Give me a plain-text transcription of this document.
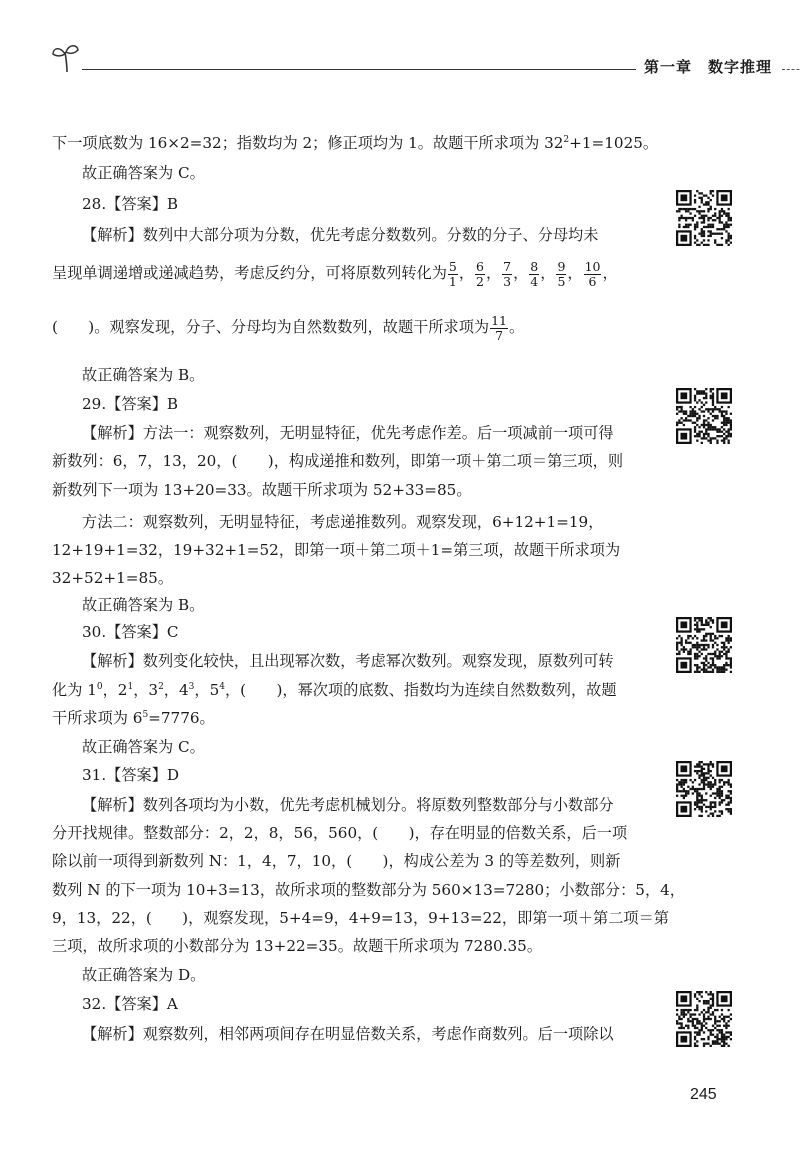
第一章　数字推理

下一项底数为 16×2=32；指数均为 2；修正项均为 1。故题干所求项为 $32^2+1=1025$。

故正确答案为 C。

28.【答案】B

【解析】数列中大部分项为分数，优先考虑分数数列。分数的分子、分母均未

呈现单调递增或递减趋势，考虑反约分，可将原数列转化为 $\frac{5}{1}$ ， $\frac{6}{2}$ ， $\frac{7}{3}$ ， $\frac{8}{4}$ ， $\frac{9}{5}$ ， $\frac{10}{6}$ ，

(　　)。观察发现，分子、分母均为自然数数列，故题干所求项为 $\frac{11}{7}$ 。

故正确答案为 B。

29.【答案】B

【解析】方法一：观察数列，无明显特征，优先考虑作差。后一项减前一项可得

新数列：6，7，13，20，(　　)，构成递推和数列，即第一项＋第二项＝第三项，则

新数列下一项为 13+20=33。故题干所求项为 52+33=85。

方法二：观察数列，无明显特征，考虑递推数列。观察发现，6+12+1=19，

12+19+1=32，19+32+1=52，即第一项＋第二项＋1=第三项，故题干所求项为

32+52+1=85。

故正确答案为 B。

30.【答案】C

【解析】数列变化较快，且出现幂次数，考虑幂次数列。观察发现，原数列可转

化为 $1^0$，$2^1$，$3^2$，$4^3$，$5^4$，(　　)，幂次项的底数、指数均为连续自然数数列，故题

干所求项为 $6^5=7776$。

故正确答案为 C。

31.【答案】D

【解析】数列各项均为小数，优先考虑机械划分。将原数列整数部分与小数部分

分开找规律。整数部分：2，2，8，56，560，(　　)，存在明显的倍数关系，后一项

除以前一项得到新数列 N：1，4，7，10，(　　)，构成公差为 3 的等差数列，则新

数列 N 的下一项为 10+3=13，故所求项的整数部分为 560×13=7280；小数部分：5，4，

9，13，22，(　　)，观察发现，5+4=9，4+9=13，9+13=22，即第一项＋第二项＝第

三项，故所求项的小数部分为 13+22=35。故题干所求项为 7280.35。

故正确答案为 D。

32.【答案】A

【解析】观察数列，相邻两项间存在明显倍数关系，考虑作商数列。后一项除以

245
